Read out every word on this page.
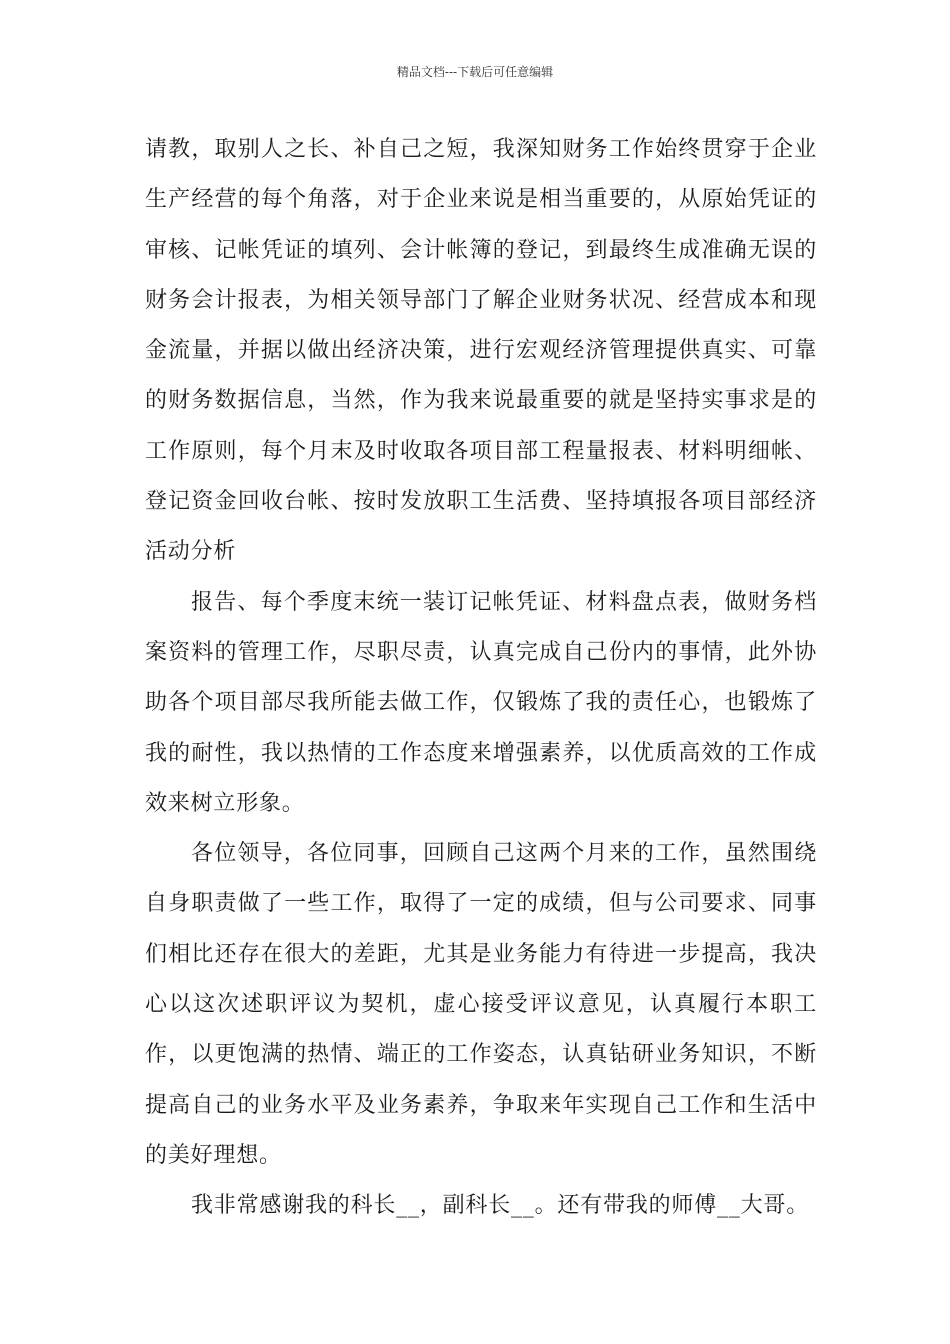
精品文档---下载后可任意编辑

请教，取别人之长、补自己之短，我深知财务工作始终贯穿于企业生产经营的每个角落，对于企业来说是相当重要的，从原始凭证的审核、记帐凭证的填列、会计帐簿的登记，到最终生成准确无误的财务会计报表，为相关领导部门了解企业财务状况、经营成本和现金流量，并据以做出经济决策，进行宏观经济管理提供真实、可靠的财务数据信息，当然，作为我来说最重要的就是坚持实事求是的工作原则，每个月末及时收取各项目部工程量报表、材料明细帐、登记资金回收台帐、按时发放职工生活费、坚持填报各项目部经济活动分析

报告、每个季度末统一装订记帐凭证、材料盘点表，做财务档案资料的管理工作，尽职尽责，认真完成自己份内的事情，此外协助各个项目部尽我所能去做工作，仅锻炼了我的责任心，也锻炼了我的耐性，我以热情的工作态度来增强素养，以优质高效的工作成效来树立形象。

各位领导，各位同事，回顾自己这两个月来的工作，虽然围绕自身职责做了一些工作，取得了一定的成绩，但与公司要求、同事们相比还存在很大的差距，尤其是业务能力有待进一步提高，我决心以这次述职评议为契机，虚心接受评议意见，认真履行本职工作，以更饱满的热情、端正的工作姿态，认真钻研业务知识，不断提高自己的业务水平及业务素养，争取来年实现自己工作和生活中的美好理想。

我非常感谢我的科长__，副科长__。还有带我的师傅__大哥。
